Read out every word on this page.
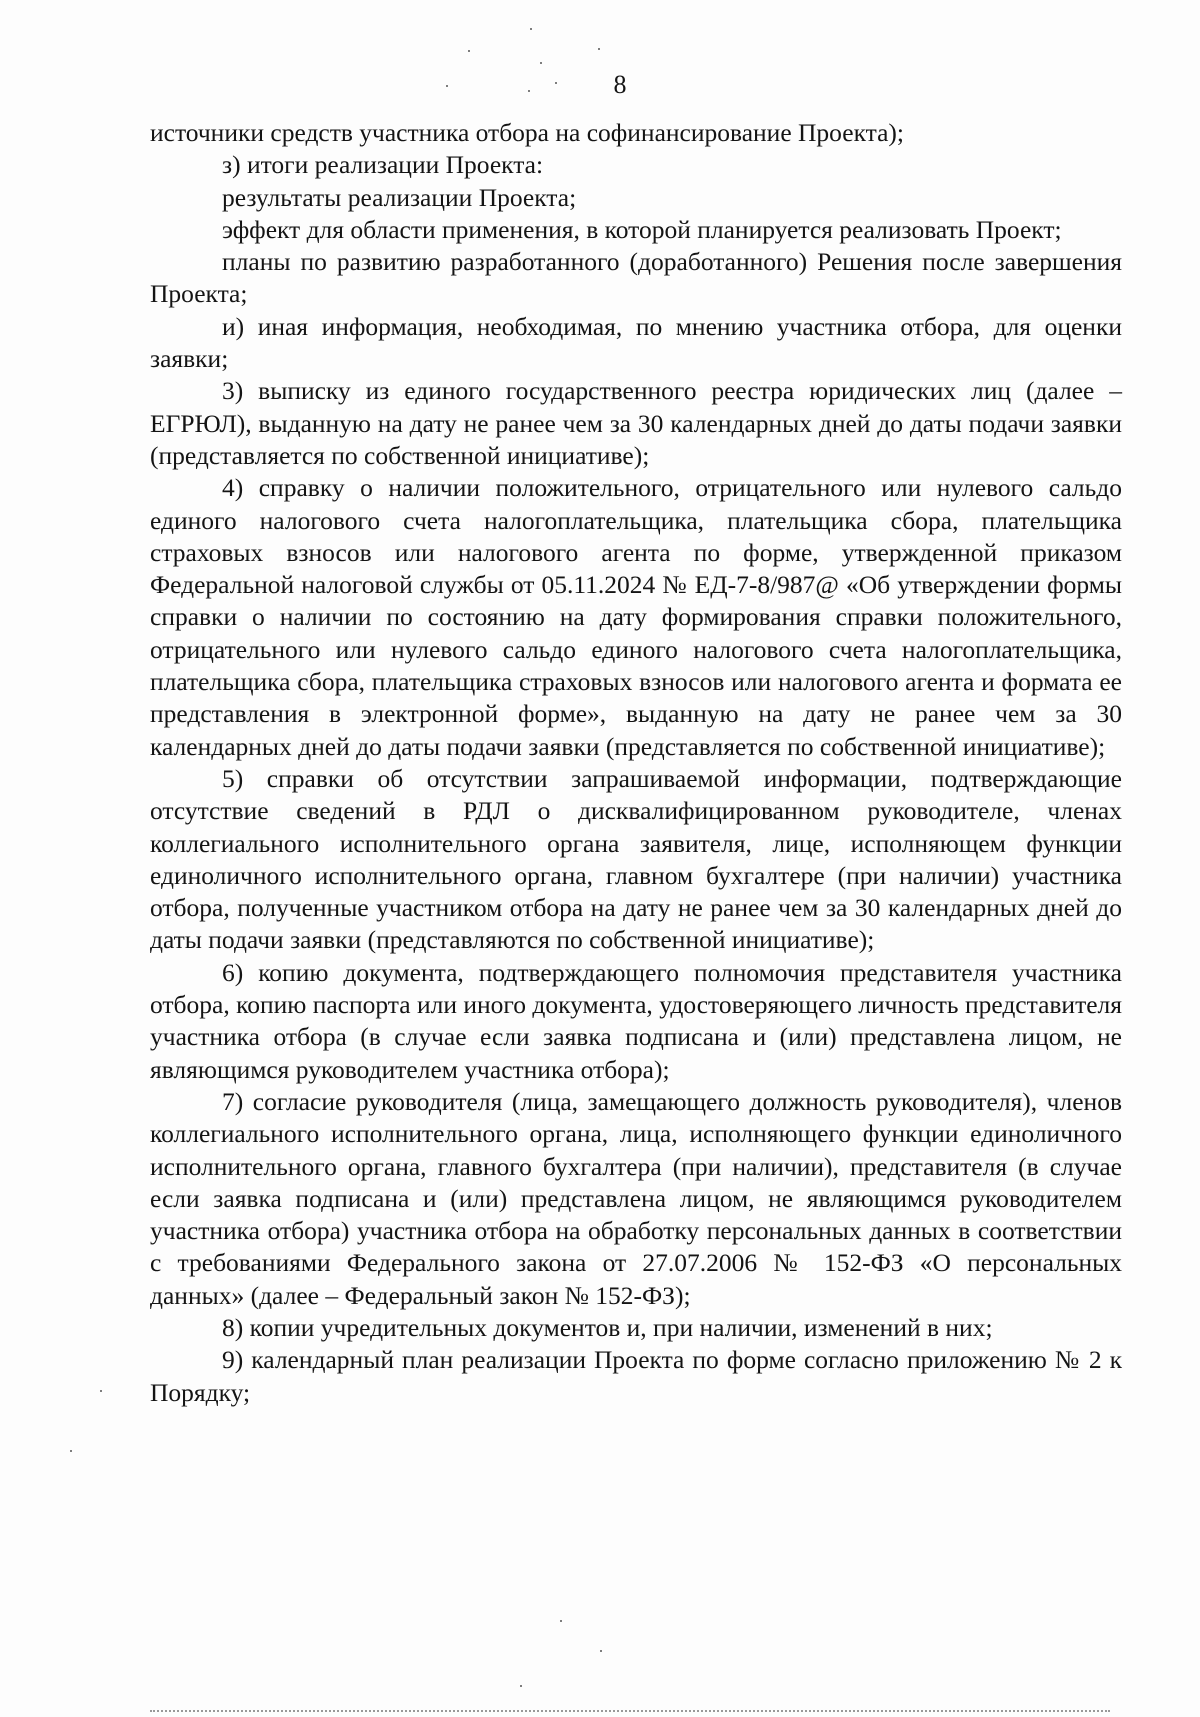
8

источники средств участника отбора на софинансирование Проекта);

з) итоги реализации Проекта:

результаты реализации Проекта;

эффект для области применения, в которой планируется реализовать Проект;

планы по развитию разработанного (доработанного) Решения после завершения Проекта;

и) иная информация, необходимая, по мнению участника отбора, для оценки заявки;

3) выписку из единого государственного реестра юридических лиц (далее – ЕГРЮЛ), выданную на дату не ранее чем за 30 календарных дней до даты подачи заявки (представляется по собственной инициативе);

4) справку о наличии положительного, отрицательного или нулевого сальдо единого налогового счета налогоплательщика, плательщика сбора, плательщика страховых взносов или налогового агента по форме, утвержденной приказом Федеральной налоговой службы от 05.11.2024 № ЕД-7-8/987@ «Об утверждении формы справки о наличии по состоянию на дату формирования справки положительного, отрицательного или нулевого сальдо единого налогового счета налогоплательщика, плательщика сбора, плательщика страховых взносов или налогового агента и формата ее представления в электронной форме», выданную на дату не ранее чем за 30 календарных дней до даты подачи заявки (представляется по собственной инициативе);

5) справки об отсутствии запрашиваемой информации, подтверждающие отсутствие сведений в РДЛ о дисквалифицированном руководителе, членах коллегиального исполнительного органа заявителя, лице, исполняющем функции единоличного исполнительного органа, главном бухгалтере (при наличии) участника отбора, полученные участником отбора на дату не ранее чем за 30 календарных дней до даты подачи заявки (представляются по собственной инициативе);

6) копию документа, подтверждающего полномочия представителя участника отбора, копию паспорта или иного документа, удостоверяющего личность представителя участника отбора (в случае если заявка подписана и (или) представлена лицом, не являющимся руководителем участника отбора);

7) согласие руководителя (лица, замещающего должность руководителя), членов коллегиального исполнительного органа, лица, исполняющего функции единоличного исполнительного органа, главного бухгалтера (при наличии), представителя (в случае если заявка подписана и (или) представлена лицом, не являющимся руководителем участника отбора) участника отбора на обработку персональных данных в соответствии с требованиями Федерального закона от 27.07.2006 № 152-ФЗ «О персональных данных» (далее – Федеральный закон № 152-ФЗ);

8) копии учредительных документов и, при наличии, изменений в них;

9) календарный план реализации Проекта по форме согласно приложению № 2 к Порядку;
